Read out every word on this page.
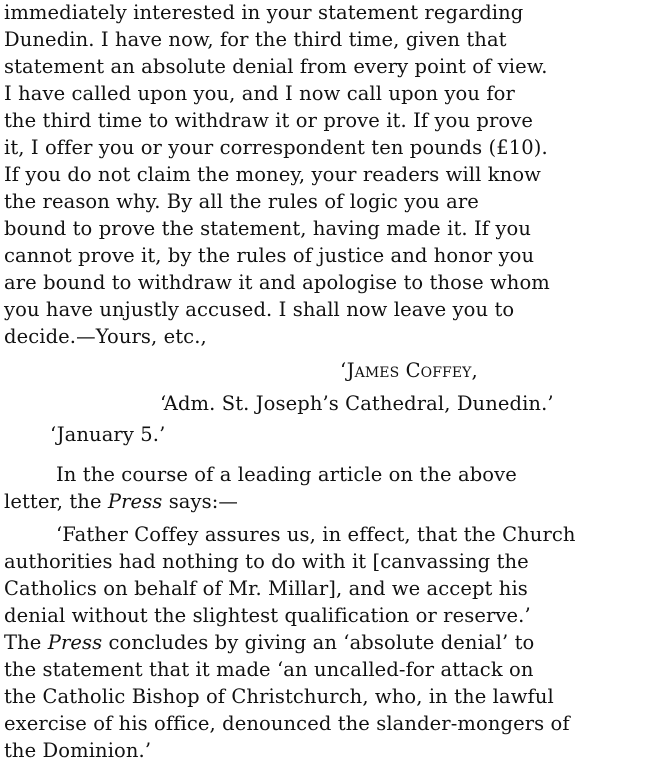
immediately interested in your statement regarding
Dunedin. I have now, for the third time, given that
statement an absolute denial from every point of view.
I have called upon you, and I now call upon you for
the third time to withdraw it or prove it. If you prove
it, I offer you or your correspondent ten pounds (£10).
If you do not claim the money, your readers will know
the reason why. By all the rules of logic you are
bound to prove the statement, having made it. If you
cannot prove it, by the rules of justice and honor you
are bound to withdraw it and apologise to those whom
you have unjustly accused. I shall now leave you to
decide.—Yours, etc.,
‘James Coffey,
‘Adm. St. Joseph’s Cathedral, Dunedin.’
‘January 5.’
In the course of a leading article on the above
letter, the Press says:—
‘Father Coffey assures us, in effect, that the Church
authorities had nothing to do with it [canvassing the
Catholics on behalf of Mr. Millar], and we accept his
denial without the slightest qualification or reserve.’
The Press concludes by giving an ‘absolute denial’ to
the statement that it made ‘an uncalled-for attack on
the Catholic Bishop of Christchurch, who, in the lawful
exercise of his office, denounced the slander-mongers of
the Dominion.’
